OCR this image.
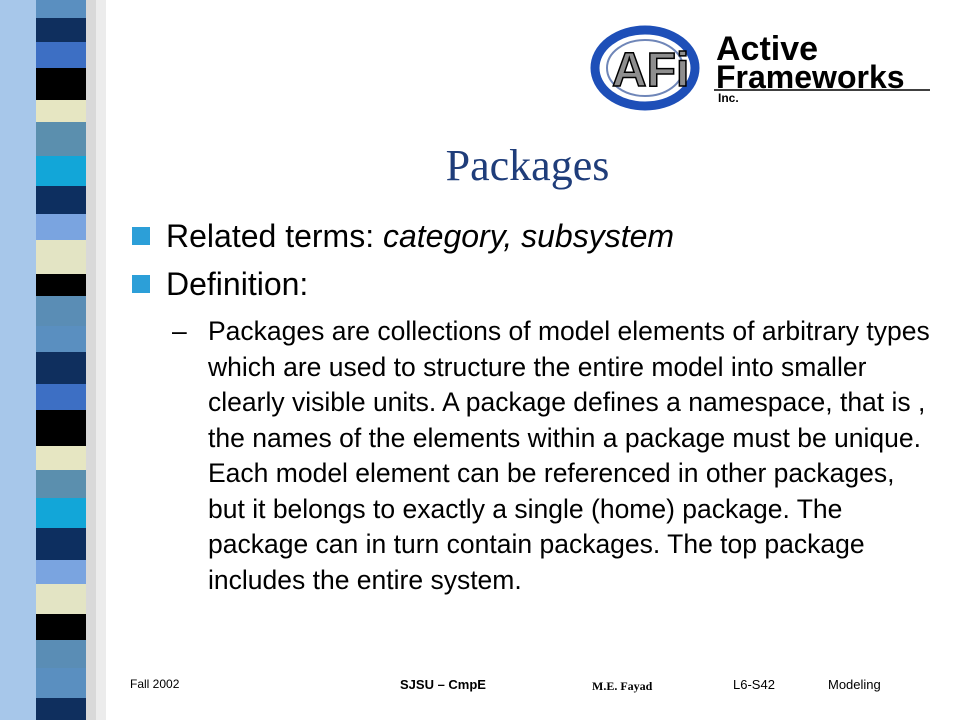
AFi Active
Frameworks
Inc.
Packages
Related terms: category, subsystem
Definition:
– Packages are collections of model elements of arbitrary types which are used to structure the entire model into smaller clearly visible units. A package defines a namespace, that is , the names of the elements within a package must be unique. Each model element can be referenced in other packages, but it belongs to exactly a single (home) package. The package can in turn contain packages. The top package includes the entire system.
Fall 2002	SJSU – CmpE	M.E. Fayad	L6-S42	Modeling
